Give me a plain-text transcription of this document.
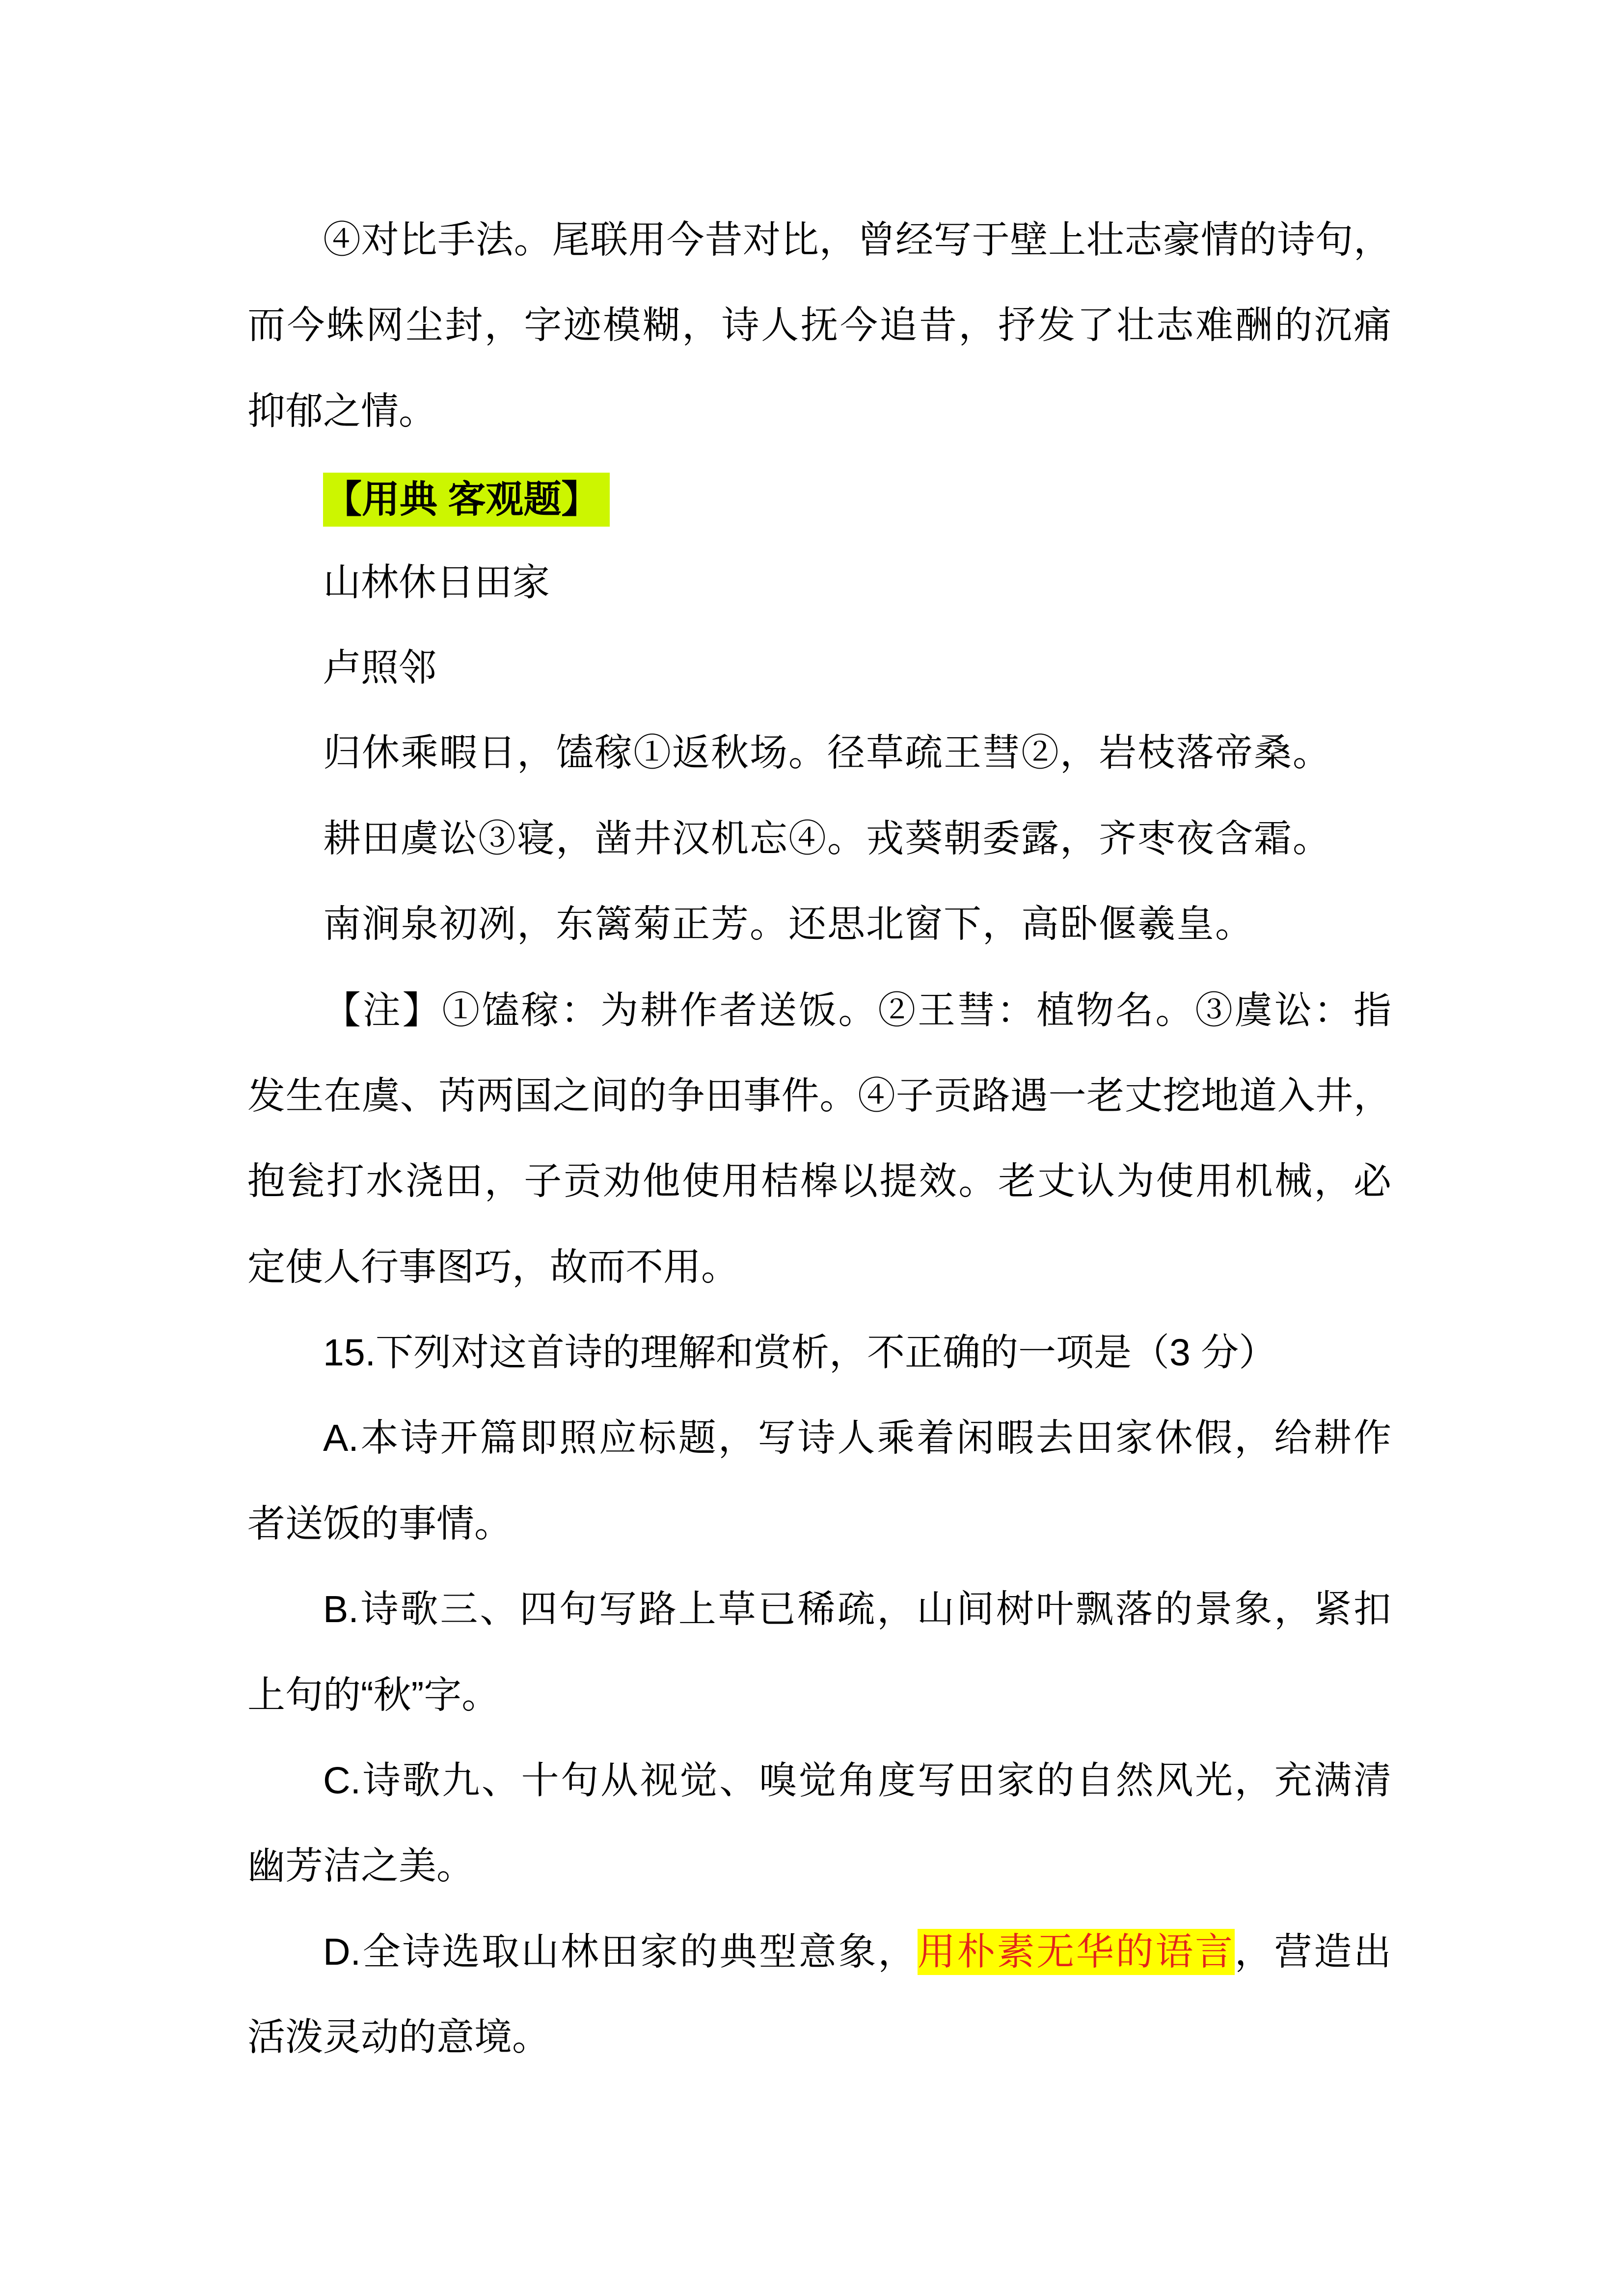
④对比手法。尾联用今昔对比，曾经写于壁上壮志豪情的诗句，
而今蛛网尘封，字迹模糊，诗人抚今追昔，抒发了壮志难酬的沉痛
抑郁之情。
【用典 客观题】
山林休日田家
卢照邻
归休乘暇日，馌稼①返秋场。径草疏王彗②，岩枝落帝桑。
耕田虞讼③寝，凿井汉机忘④。戎葵朝委露，齐枣夜含霜。
南涧泉初冽，东篱菊正芳。还思北窗下，高卧偃羲皇。
【注】①馌稼：为耕作者送饭。②王彗：植物名。③虞讼：指
发生在虞、芮两国之间的争田事件。④子贡路遇一老丈挖地道入井，
抱瓮打水浇田，子贡劝他使用桔槔以提效。老丈认为使用机械，必
定使人行事图巧，故而不用。
15.下列对这首诗的理解和赏析，不正确的一项是（3 分）
A.本诗开篇即照应标题，写诗人乘着闲暇去田家休假，给耕作
者送饭的事情。
B.诗歌三、四句写路上草已稀疏，山间树叶飘落的景象，紧扣
上句的“秋”字。
C.诗歌九、十句从视觉、嗅觉角度写田家的自然风光，充满清
幽芳洁之美。
D.全诗选取山林田家的典型意象，用朴素无华的语言，营造出
活泼灵动的意境。
